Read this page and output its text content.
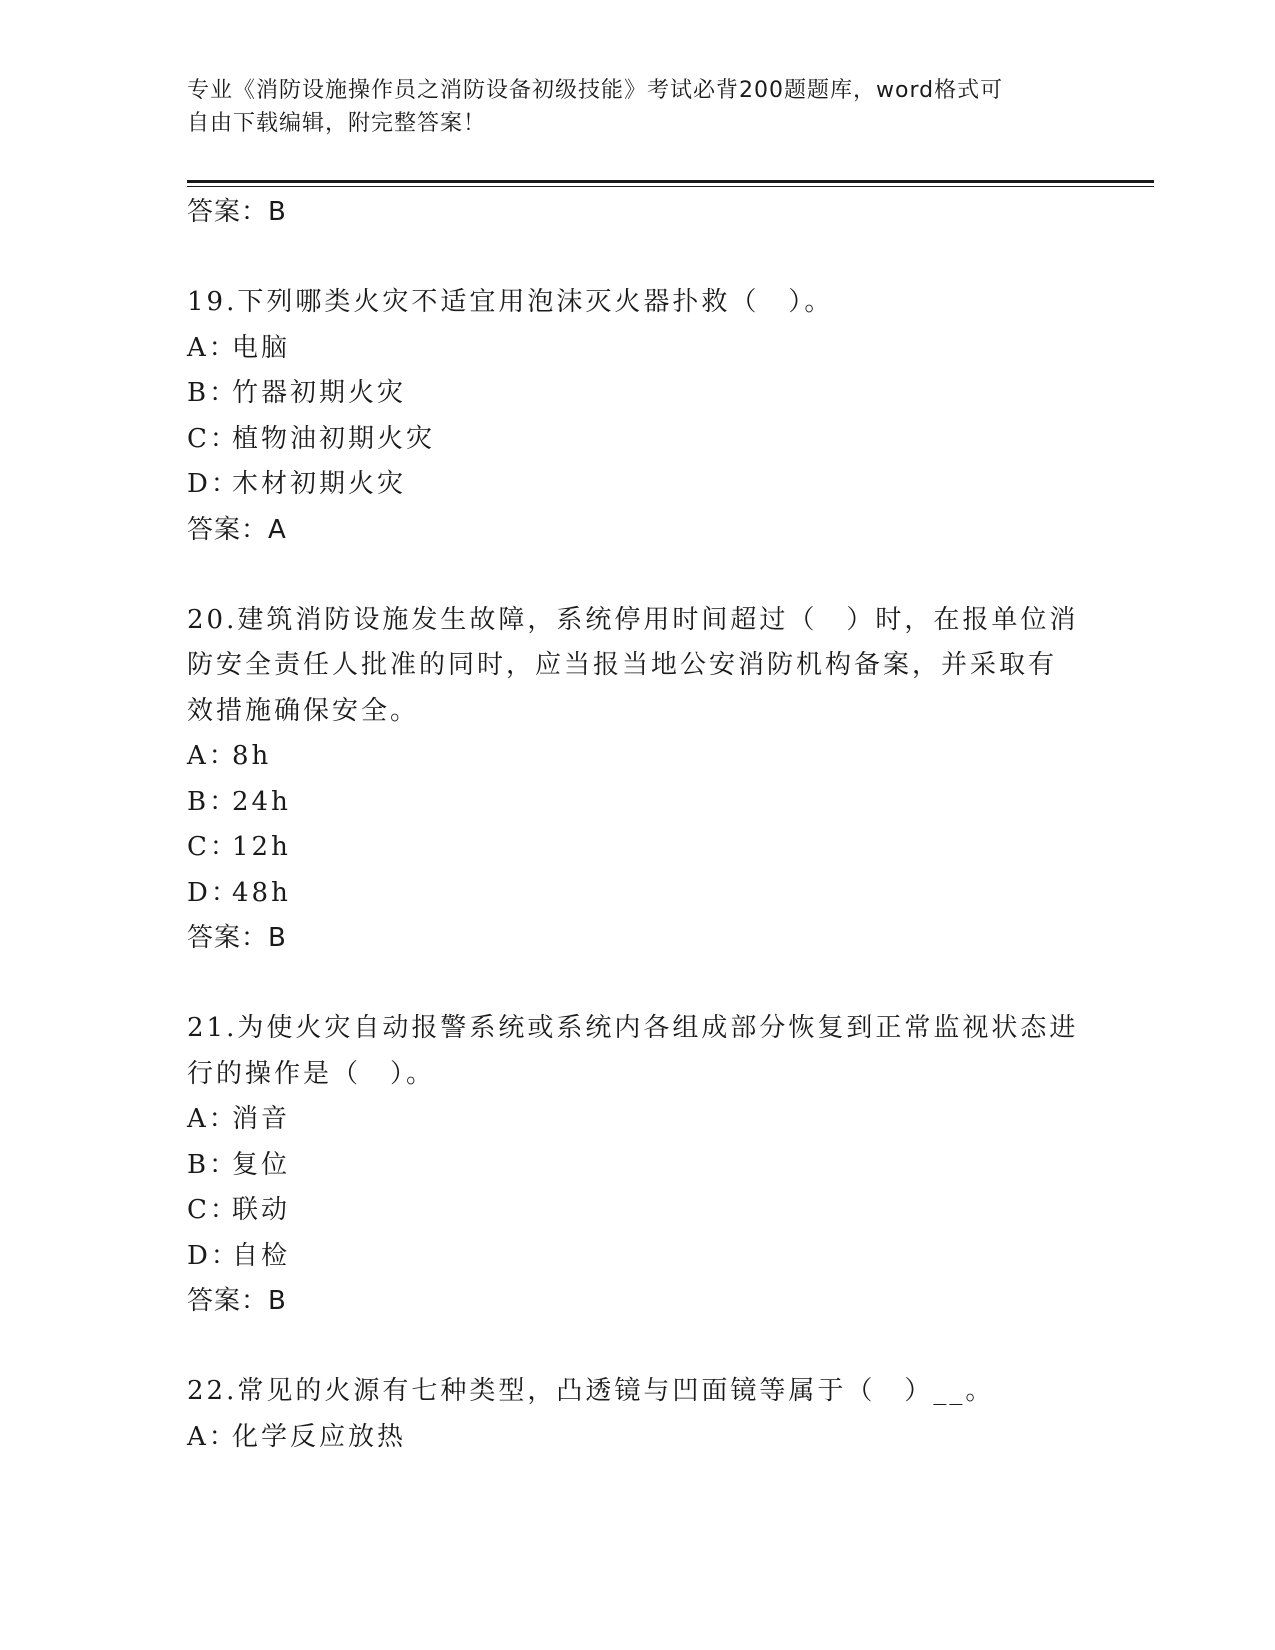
专业《消防设施操作员之消防设备初级技能》考试必背200题题库，word格式可
自由下载编辑，附完整答案！
答案：B

19.下列哪类火灾不适宜用泡沫灭火器扑救（　）。

A：
电脑
B：
竹器初期火灾
C：
植物油初期火灾
D：
木材初期火灾
答案：A

20.建筑消防设施发生故障，系统停用时间超过（　）时，在报单位消

防安全责任人批准的同时，应当报当地公安消防机构备案，并采取有

效措施确保安全。

A：
8h
B：
24h
C：
12h
D：
48h
答案：B

21.为使火灾自动报警系统或系统内各组成部分恢复到正常监视状态进

行的操作是（　）。

A：
消音
B：
复位
C：
联动
D：
自检
答案：B

22.常见的火源有七种类型，凸透镜与凹面镜等属于（　）__。

A：
化学反应放热
